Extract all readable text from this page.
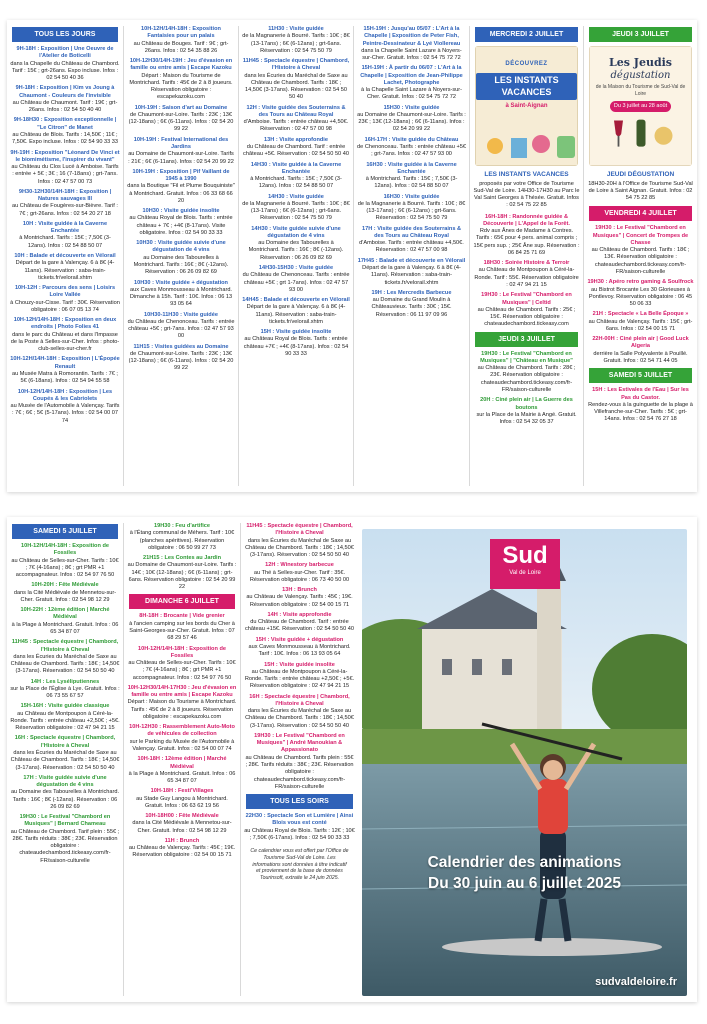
TOUS LES JOURS
9H-18H : Exposition | Une Oeuvre de l'Atelier de Boticelli
dans la Chapelle du Château de Chambord. Tarif : 15€ ; grt-26ans. Expo incluse. Infos : 02 54 50 40 36
9H-18H : Exposition | Kim vs Joung à Chaumont - Couleurs de l'invisible
au Château de Chaumont. Tarif : 19€ ; grt-26ans. Infos : 02 54 50 40 40
9H-18H30 : Exposition exceptionnelle | "Le Citron" de Manet
au Château de Blois. Tarifs : 14,50€ ; 11€ ; 7,50€. Expo incluse. Infos : 02 54 90 33 33
9H-19H : Exposition "Léonard De Vinci et le biomimétisme, l'inspirer du vivant"
au Château du Clos Lucé à Amboise. Tarifs : entrée + 5€ ; 3€ ; 16 (7-18ans) ; grt-7ans. Infos : 02 47 57 00 73
9H30-12H30/14H-18H : Exposition | Natures sauvages III
au Château de Fougères-sur-Bièvre. Tarif : 7€ ; grt-26ans. Infos : 02 54 20 27 18
10H : Visite guidée à la Caverne Enchantée
à Montrichard. Tarifs : 15€ ; 7,50€ (3-12ans). Infos : 02 54 88 50 07
10H : Balade et découverte en Vélorail
Départ de la gare à Valençay. 6 à 8€ (4-11ans). Réservation : saba-train-tickets.fr/velorail.xhtm
10H-12H : Parcours des sens | Loisirs Loire Vallée
à Chouzy-sur-Cisse. Tarif : 30€. Réservation obligatoire : 06 07 05 13 74
10H-12H/14H-18H : Exposition en deux endroits | Photo Folies 41
dans le parc du Château et dans l'Impasse de la Poste à Selles-sur-Cher. Infos : photo-club-selles-sur-cher.fr
10H-12H/14H-18H : Exposition | L'Épopée Renault
au Musée Matra à Romorantin. Tarifs : 7€ ; 5€ (6-18ans). Infos : 02 54 94 55 58
10H-12H/14H-18H : Exposition | Les Coupés & les Cabriolets
au Musée de l'Automobile à Valençay. Tarifs : 7€ ; 6€ ; 5€ (5-17ans). Infos : 02 54 00 07 74
10H-12H/14H-18H : Exposition Fantaisies pour un palais
au Château de Bouges. Tarif : 9€ ; grt-26ans. Infos : 02 54 35 88 26
10H-12H30/14H-19H : Jeu d'évasion en famille ou entre amis | Escape Kazoku
Départ : Maison du Tourisme de Montrichard. Tarifs : 45€ de 2 à 8 joueurs. Réservation obligatoire : escapekazoku.com
10H-19H : Saison d'art au Domaine
de Chaumont-sur-Loire. Tarifs : 23€ ; 13€ (12-18ans) ; 6€ (6-11ans). Infos : 02 54 20 99 22
10H-19H : Festival International des Jardins
au Domaine de Chaumont-sur-Loire. Tarifs : 21€ ; 6€ (6-11ans). Infos : 02 54 20 99 22
10H-19H : Exposition | Pif Vaillant de 1945 à 1990
dans la Boutique "Fil et Plume Bouquiniste" à Montrichard. Gratuit. Infos : 06 33 68 66 20
10H30 : Visite guidée insolite
au Château Royal de Blois. Tarifs : entrée château + 7€ ; +4€ (8-17ans). Visite obligatoire. Infos : 02 54 90 33 33
10H30 : Visite guidée suivie d'une dégustation de 4 vins
au Domaine des Tabourelles à Montrichard. Tarifs : 16€ ; 8€ (-12ans). Réservation : 06 26 09 82 69
10H30 : Visite guidée + dégustation
aux Caves Monmousseau à Montrichard. Dimanche à 15h. Tarif : 10€. Infos : 06 13 93 05 64
10H30-11H30 : Visite guidée
du Château de Chenonceau. Tarifs : entrée château +5€ ; grt-7ans. Infos : 02 47 57 93 00
11H15 : Visites guidées au Domaine
de Chaumont-sur-Loire. Tarifs : 23€ ; 13€ (12-18ans) ; 6€ (6-11ans). Infos : 02 54 20 99 22
11H30 : Visite guidée
de la Magnanerie à Bourré. Tarifs : 10€ ; 8€ (13-17ans) ; 6€ (6-12ans) ; grt-6ans. Réservation : 02 54 75 50 79
11H45 : Spectacle équestre | Chambord, l'Histoire à Cheval
dans les Écuries du Maréchal de Saxe au Château de Chambord. Tarifs : 18€ ; 14,50€ (3-17ans). Réservation : 02 54 50 50 40
12H : Visite guidée des Souterrains & des Tours au Château Royal
d'Amboise. Tarifs : entrée château +4,50€. Réservation : 02 47 57 00 98
13H : Visite approfondie
du Château de Chambord. Tarif : entrée château +5€. Réservation : 02 54 50 50 40
14H30 : Visite guidée à la Caverne Enchantée
à Montrichard. Tarifs : 15€ ; 7,50€ (3-12ans). Infos : 02 54 88 50 07
14H30 : Visite guidée
de la Magnanerie à Bourré. Tarifs : 10€ ; 8€ (13-17ans) ; 6€ (6-12ans) ; grt-6ans. Réservation : 02 54 75 50 79
14H30 : Visite guidée suivie d'une dégustation de 4 vins
au Domaine des Tabourelles à Montrichard. Tarifs : 16€ ; 8€ (-12ans). Réservation : 06 26 09 82 69
14H30-15H30 : Visite guidée
du Château de Chenonceau. Tarifs : entrée château +5€ ; grt 1-7ans). Infos : 02 47 57 93 00
14H45 : Balade et découverte en Vélorail
Départ de la gare à Valençay. 6 à 8€ (4-11ans). Réservation : saba-train-tickets.fr/velorail.xhtm
15H : Visite guidée insolite
au Château Royal de Blois. Tarifs : entrée château +7€ ; +4€ (8-17ans). Infos : 02 54 90 33 33
15H-19H : Jusqu'au 05/07 : L'Art à la Chapelle | Exposition de Peter Fish, Peintre-Dessinateur & Lyé Viollereau
dans la Chapelle Saint Lazare à Noyers-sur-Cher. Gratuit. Infos : 02 54 75 72 72
15H-19H : À partir du 06/07 : L'Art à la Chapelle | Exposition de Jean-Philippe Lachet, Photographe
à la Chapelle Saint Lazare à Noyers-sur-Cher. Gratuit. Infos : 02 54 75 72 72
15H30 : Visite guidée
au Domaine de Chaumont-sur-Loire. Tarifs : 23€ ; 13€ (12-18ans) ; 6€ (6-11ans). Infos : 02 54 20 99 22
16H-17H : Visite guidée du Château
de Chenonceau. Tarifs : entrée château +5€ ; grt-7ans. Infos : 02 47 57 93 00
16H30 : Visite guidée à la Caverne Enchantée
à Montrichard. Tarifs : 15€ ; 7,50€ (3-12ans). Infos : 02 54 88 50 07
16H30 : Visite guidée
de la Magnanerie à Bourré. Tarifs : 10€ ; 8€ (13-17ans) ; 6€ (6-12ans) ; grt-6ans. Réservation : 02 54 75 50 79
17H : Visite guidée des Souterrains & des Tours au Château Royal
d'Amboise. Tarifs : entrée château +4,50€. Réservation : 02 47 57 00 98
17H45 : Balade et découverte en Vélorail
Départ de la gare à Valençay. 6 à 8€ (4-11ans). Réservation : saba-train-tickets.fr/velorail.xhtm
19H : Les Mercredis Barbecue
au Domaine du Grand Moulin à Châteauvieux. Tarifs : 30€ ; 15€. Réservation : 06 11 97 09 96
MERCREDI 2 JUILLET
DÉCOUVREZ
LES INSTANTS VACANCES
à Saint-Aignan
LES INSTANTS VACANCES
proposés par votre Office de Tourisme Sud-Val de Loire. 14H30-17H30 au Parc le Val Saint Georges à Thésée. Gratuit. Infos : 02 54 75 22 85
16H-18H : Randonnée guidée & Découverte | L'Appel de la Forêt.
Rdv aux Ânes de Madame à Contres. Tarifs : 65€ pour 4 pers. animal compris ; 15€ pers sup. ; 25€ Âne sup. Réservation : 06 84 25 71 69
18H30 : Soirée Histoire & Terroir
au Château de Montpoupon à Céré-la-Ronde. Tarif : 55€. Réservation obligatoire : 02 47 94 21 15
19H30 : Le Festival "Chambord en Musiques" | Celtid
au Château de Chambord. Tarifs : 25€ ; 15€. Réservation obligatoire : chateaudechambord.tickeasy.com
JEUDI 3 JUILLET
19H30 : Le Festival "Chambord en Musiques" | "Château en Musique"
au Château de Chambord. Tarifs : 28€ ; 23€. Réservation obligatoire : chateaudechambord.tickeasy.com/fr-FR/saison-culturelle
20H : Ciné plein air | La Guerre des boutons
sur la Place de la Mairie à Angé. Gratuit. Infos : 02 54 32 05 37
JEUDI 3 JUILLET
Les Jeudis
dégustation
de la Maison du Tourisme de Sud-Val de Loire
Du 3 juillet au 28 août
JEUDI DÉGUSTATION
18H30-20H à l'Office de Tourisme Sud-Val de Loire à Saint Aignan. Gratuit. Infos : 02 54 75 22 85
VENDREDI 4 JUILLET
19H30 : Le Festival "Chambord en Musiques" | Concert de Trompes de Chasse
au Château de Chambord. Tarifs : 18€ ; 13€. Réservation obligatoire : chateaudechambord.tickeasy.com/fr-FR/saison-culturelle
19H30 : Apéro retro gaming & Soulfrock
au Bistrot Brocante Les 30 Glorieuses à Pontlevoy. Réservation obligatoire : 06 45 50 06 33
21H : Spectacle « La Belle Époque »
au Château de Valençay. Tarifs : 15€ ; grt-6ans. Infos : 02 54 00 15 71
22H-00H : Ciné plein air | Good Luck Algeria
derrière la Salle Polyvalente à Pouillé. Gratuit. Infos : 02 54 71 44 05
SAMEDI 5 JUILLET
15H : Les Estivales de l'Eau | Sur les Pas du Castor.
Rendez-vous à la guinguette de la plage à Villefranche-sur-Cher. Tarifs : 5€ ; grt-14ans. Infos : 02 54 76 27 18
SAMEDI 5 JUILLET
10H-12H/14H-18H : Exposition de Fossiles
au Château de Selles-sur-Cher. Tarifs : 10€ ; 7€ (4-16ans) ; 8€ ; grt PMR +1 accompagnateur. Infos : 02 54 97 76 50
10H-20H : Fête Médiévale
dans la Cité Médiévale de Mennetou-sur-Cher. Gratuit. Infos : 02 54 98 12 29
10H-22H : 12ème édition | Marché Médiéval
à la Plage à Montrichard. Gratuit. Infos : 06 65 34 87 07
11H45 : Spectacle équestre | Chambord, l'Histoire à Cheval
dans les Écuries du Maréchal de Saxe au Château de Chambord. Tarifs : 18€ ; 14,50€ (3-17ans). Réservation : 02 54 50 50 40
14H : Les Lyséliputiennes
sur la Place de l'Église à Lye. Gratuit. Infos : 06 73 55 67 57
15H-16H : Visite guidée classique
au Château de Montpoupon à Céré-la-Ronde. Tarifs : entrée château +2,50€ ; +5€. Réservation obligatoire : 02 47 94 21 15
16H : Spectacle équestre | Chambord, l'Histoire à Cheval
dans les Écuries du Maréchal de Saxe au Château de Chambord. Tarifs : 18€ ; 14,50€ (3-17ans). Réservation : 02 54 50 50 40
17H : Visite guidée suivie d'une dégustation de 4 vins
au Domaine des Tabourelles à Montrichard. Tarifs : 16€ ; 8€ (-12ans). Réservation : 06 26 09 82 69
19H30 : Le Festival "Chambord en Musiques" | Bernard Chameau
au Château de Chambord. Tarif plein : 55€ ; 28€. Tarifs réduits : 38€ ; 23€. Réservation obligatoire : chateaudechambord.tickeasy.com/fr-FR/saison-culturelle
19H30 : Feu d'artifice
à l'Étang communal de Méhers. Tarif : 10€ (planches apéritives). Réservation obligatoire : 06 50 99 27 73
21H15 : Les Contes au Jardin
au Domaine de Chaumont-sur-Loire. Tarifs : 14€ ; 10€ (12-18ans) ; 6€ (6-11ans) ; grt-6ans. Réservation obligatoire : 02 54 20 99 22
DIMANCHE 6 JUILLET
8H-18H : Brocante | Vide grenier
à l'ancien camping sur les bords du Cher à Saint-Georges-sur-Cher. Gratuit. Infos : 07 68 29 57 46
10H-12H/14H-18H : Exposition de Fossiles
au Château de Selles-sur-Cher. Tarifs : 10€ ; 7€ (4-16ans) ; 8€ ; grt PMR +1 accompagnateur. Infos : 02 54 97 76 50
10H-12H30/14H-17H30 : Jeu d'évasion en famille ou entre amis | Escape Kazoku
Départ : Maison du Tourisme à Montrichard. Tarifs : 45€ de 2 à 8 joueurs. Réservation obligatoire : escapekazoku.com
10H-12H30 : Rassemblement Auto-Moto de véhicules de collection
sur le Parking du Musée de l'Automobile à Valençay. Gratuit. Infos : 02 54 00 07 74
10H-18H : 12ème édition | Marché Médiéval
à la Plage à Montrichard. Gratuit. Infos : 06 65 34 87 07
10H-18H : Festi'Villages
au Stade Guy Langou à Montrichard. Gratuit. Infos : 06 63 62 19 56
10H-18H00 : Fête Médiévale
dans la Cité Médiévale à Mennetou-sur-Cher. Gratuit. Infos : 02 54 98 12 29
11H : Brunch
au Château de Valençay. Tarifs : 45€ ; 19€. Réservation obligatoire : 02 54 00 15 71
11H45 : Spectacle équestre | Chambord, l'Histoire à Cheval
dans les Écuries du Maréchal de Saxe au Château de Chambord. Tarifs : 18€ ; 14,50€ (3-17ans). Réservation : 02 54 50 50 40
12H : Winestory barbecue
au Thé à Selles-sur-Cher. Tarif : 35€. Réservation obligatoire : 06 73 40 50 00
13H : Brunch
au Château de Valençay. Tarifs : 45€ ; 19€. Réservation obligatoire : 02 54 00 15 71
14H : Visite approfondie
du Château de Chambord. Tarif : entrée château +15€. Réservation : 02 54 50 50 40
15H : Visite guidée + dégustation
aux Caves Monmousseau à Montrichard. Tarif : 10€. Infos : 06 13 93 05 64
15H : Visite guidée insolite
au Château de Montpoupon à Céré-la-Ronde. Tarifs : entrée château +2,50€ ; +5€. Réservation obligatoire : 02 47 94 21 15
16H : Spectacle équestre | Chambord, l'Histoire à Cheval
dans les Écuries du Maréchal de Saxe au Château de Chambord. Tarifs : 18€ ; 14,50€ (3-17ans). Réservation : 02 54 50 50 40
19H30 : Le Festival "Chambord en Musiques" | André Manoukian & Appassionato
au Château de Chambord. Tarifs plein : 55€ ; 28€. Tarifs réduits : 38€ ; 23€. Réservation obligatoire : chateaudechambord.tickeasy.com/fr-FR/saison-culturelle
TOUS LES SOIRS
22H30 : Spectacle Son et Lumière | Ainsi Blois vous est conté
au Château Royal de Blois. Tarifs : 12€ ; 10€ ; 7,50€ (6-17ans). Infos : 02 54 90 33 33
Ce calendrier vous est offert par l'Office de Tourisme Sud-Val de Loire. Les informations sont données à titre indicatif et proviennent de la base de données Tourinsoft, extraite le 24 juin 2025.
Sud
Val de Loire
Calendrier des animations
Du 30 juin au 6 juillet 2025
sudvaldeloire.fr
